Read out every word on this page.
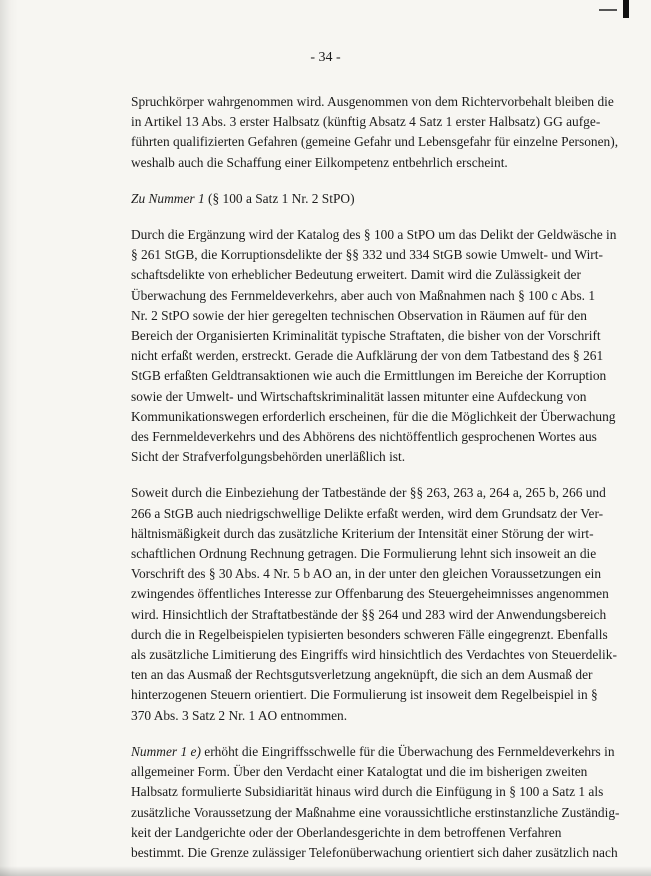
- 34 -
Spruchkörper wahrgenommen wird. Ausgenommen von dem Richtervorbehalt bleiben die
in Artikel 13 Abs. 3 erster Halbsatz (künftig Absatz 4 Satz 1 erster Halbsatz) GG aufge-
führten qualifizierten Gefahren (gemeine Gefahr und Lebensgefahr für einzelne Personen),
weshalb auch die Schaffung einer Eilkompetenz entbehrlich erscheint.
Zu Nummer 1 (§ 100 a Satz 1 Nr. 2 StPO)
Durch die Ergänzung wird der Katalog des § 100 a StPO um das Delikt der Geldwäsche in
§ 261 StGB, die Korruptionsdelikte der §§ 332 und 334 StGB sowie Umwelt- und Wirt-
schaftsdelikte von erheblicher Bedeutung erweitert. Damit wird die Zulässigkeit der
Überwachung des Fernmeldeverkehrs, aber auch von Maßnahmen nach § 100 c Abs. 1
Nr. 2 StPO sowie der hier geregelten technischen Observation in Räumen auf für den
Bereich der Organisierten Kriminalität typische Straftaten, die bisher von der Vorschrift
nicht erfaßt werden, erstreckt. Gerade die Aufklärung der von dem Tatbestand des § 261
StGB erfaßten Geldtransaktionen wie auch die Ermittlungen im Bereiche der Korruption
sowie der Umwelt- und Wirtschaftskriminalität lassen mitunter eine Aufdeckung von
Kommunikationswegen erforderlich erscheinen, für die die Möglichkeit der Überwachung
des Fernmeldeverkehrs und des Abhörens des nichtöffentlich gesprochenen Wortes aus
Sicht der Strafverfolgungsbehörden unerläßlich ist.
Soweit durch die Einbeziehung der Tatbestände der §§ 263, 263 a, 264 a, 265 b, 266 und
266 a StGB auch niedrigschwellige Delikte erfaßt werden, wird dem Grundsatz der Ver-
hältnismäßigkeit durch das zusätzliche Kriterium der Intensität einer Störung der wirt-
schaftlichen Ordnung Rechnung getragen. Die Formulierung lehnt sich insoweit an die
Vorschrift des § 30 Abs. 4 Nr. 5 b AO an, in der unter den gleichen Voraussetzungen ein
zwingendes öffentliches Interesse zur Offenbarung des Steuergeheimnisses angenommen
wird. Hinsichtlich der Straftatbestände der §§ 264 und 283 wird der Anwendungsbereich
durch die in Regelbeispielen typisierten besonders schweren Fälle eingegrenzt. Ebenfalls
als zusätzliche Limitierung des Eingriffs wird hinsichtlich des Verdachtes von Steuerdelik-
ten an das Ausmaß der Rechtsgutsverletzung angeknüpft, die sich an dem Ausmaß der
hinterzogenen Steuern orientiert. Die Formulierung ist insoweit dem Regelbeispiel in §
370 Abs. 3 Satz 2 Nr. 1 AO entnommen.
Nummer 1 e) erhöht die Eingriffsschwelle für die Überwachung des Fernmeldeverkehrs in
allgemeiner Form. Über den Verdacht einer Katalogtat und die im bisherigen zweiten
Halbsatz formulierte Subsidiarität hinaus wird durch die Einfügung in § 100 a Satz 1 als
zusätzliche Voraussetzung der Maßnahme eine voraussichtliche erstinstanzliche Zuständig-
keit der Landgerichte oder der Oberlandesgerichte in dem betroffenen Verfahren
bestimmt. Die Grenze zulässiger Telefonüberwachung orientiert sich daher zusätzlich nach
